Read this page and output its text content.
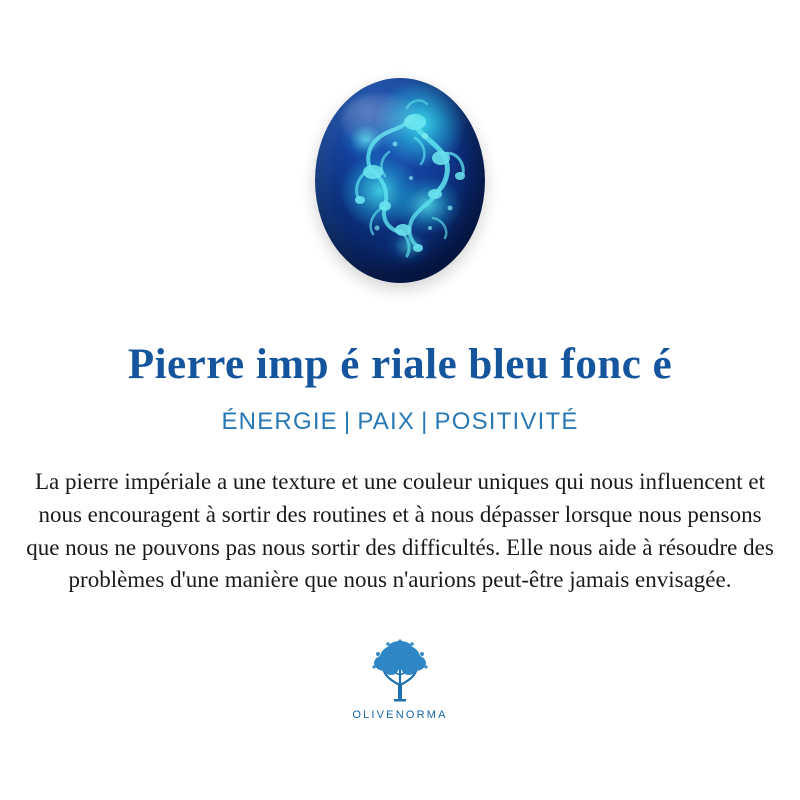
Pierre imp é riale bleu fonc é
ÉNERGIE | PAIX | POSITIVITÉ
La pierre impériale a une texture et une couleur uniques qui nous influencent et nous encouragent à sortir des routines et à nous dépasser lorsque nous pensons que nous ne pouvons pas nous sortir des difficultés. Elle nous aide à résoudre des problèmes d'une manière que nous n'aurions peut-être jamais envisagée.
OLIVENORMA
